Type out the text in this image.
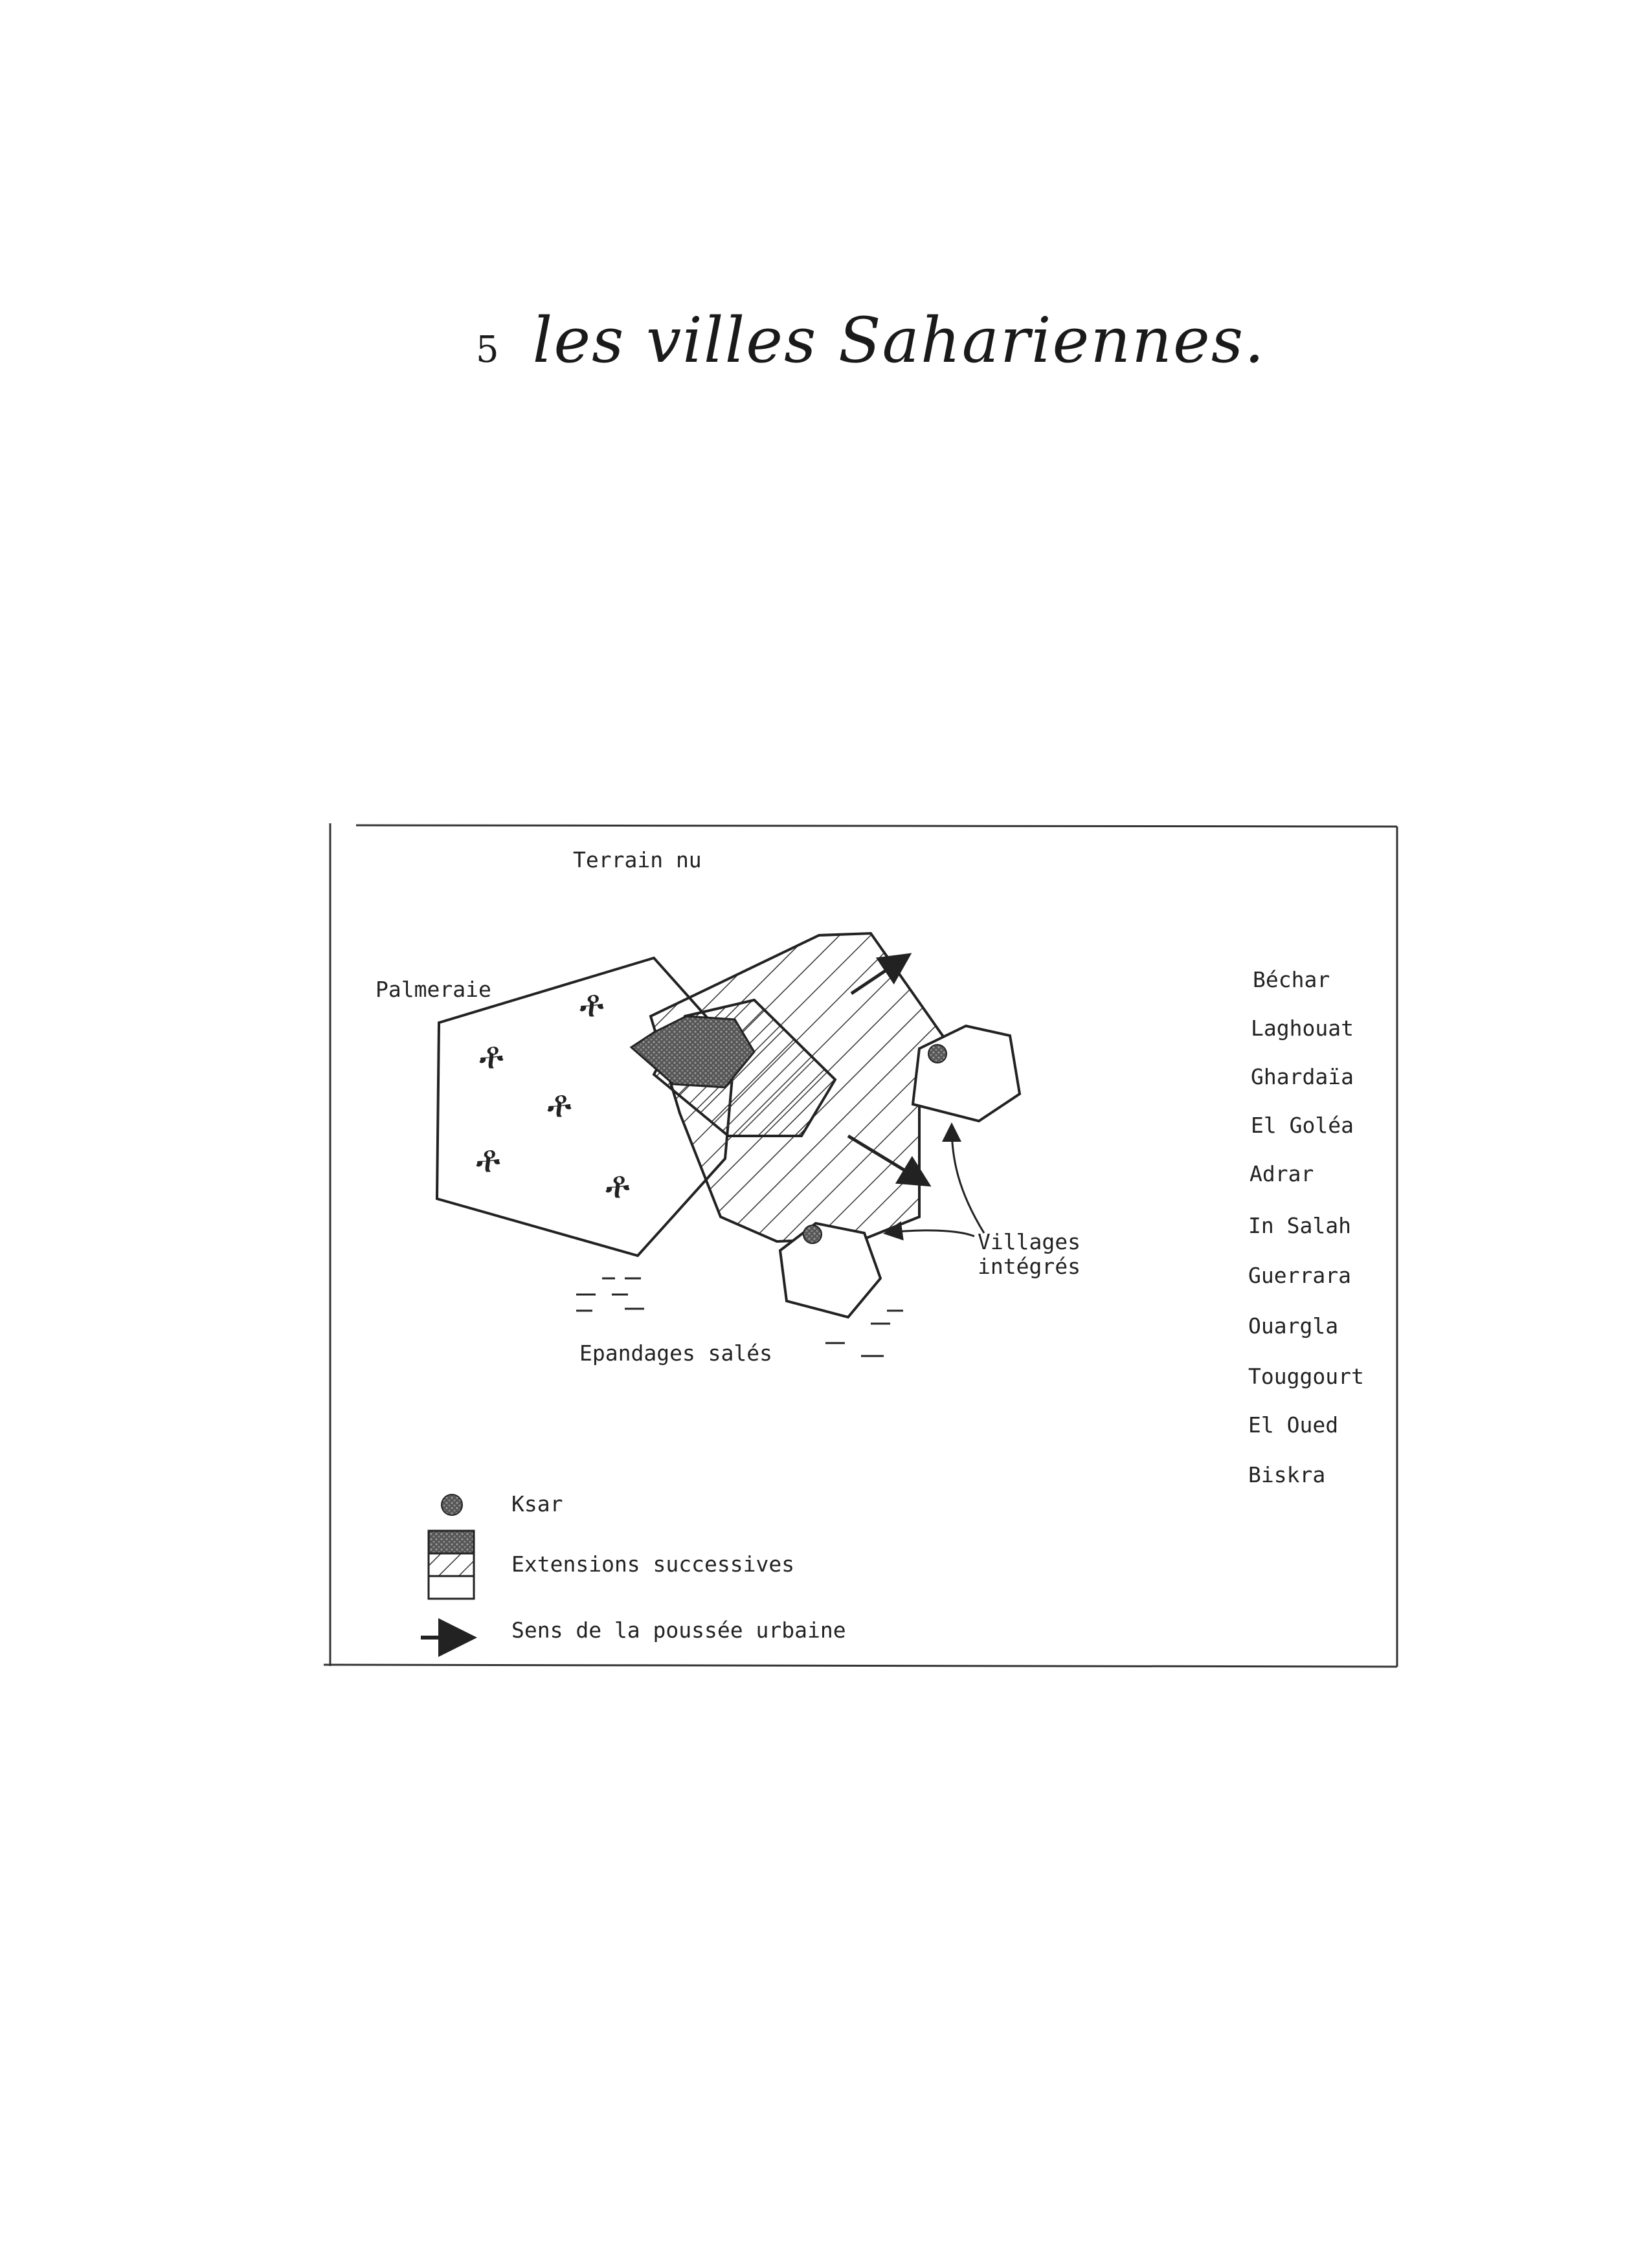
5 les villes Sahariennes.
ቶ
ቶ
ቶ
ቶ
ቶ
Terrain nu
Palmeraie
Epandages salés
Villages
intégrés
Béchar
Laghouat
Ghardaïa
El Goléa
Adrar
In Salah
Guerrara
Ouargla
Touggourt
El Oued
Biskra
Ksar
Extensions successives
Sens de la poussée urbaine
